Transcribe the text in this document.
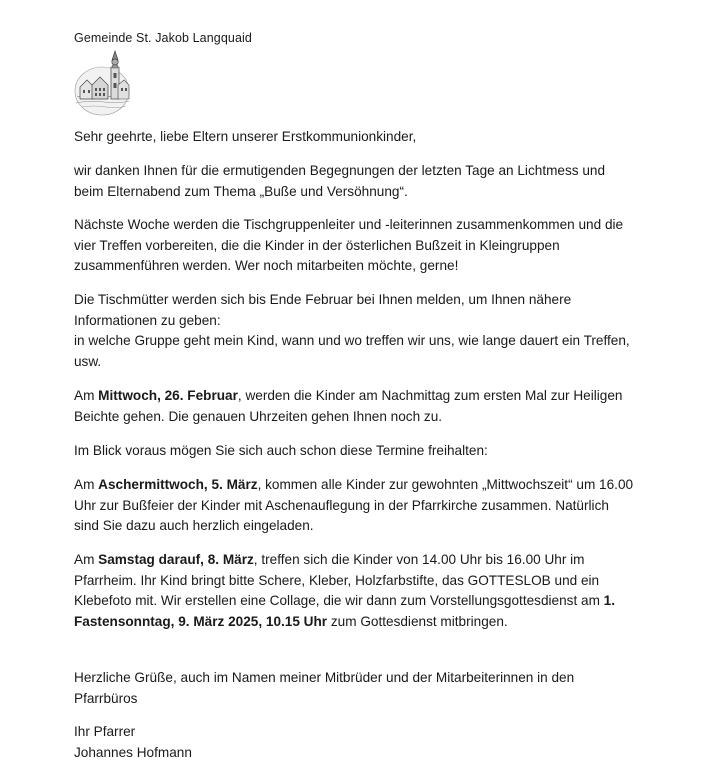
Gemeinde St. Jakob Langquaid
Sehr geehrte, liebe Eltern unserer Erstkommunionkinder,
wir danken Ihnen für die ermutigenden Begegnungen der letzten Tage an Lichtmess und
beim Elternabend zum Thema „Buße und Versöhnung“.
Nächste Woche werden die Tischgruppenleiter und -leiterinnen zusammenkommen und die
vier Treffen vorbereiten, die die Kinder in der österlichen Bußzeit in Kleingruppen
zusammenführen werden. Wer noch mitarbeiten möchte, gerne!
Die Tischmütter werden sich bis Ende Februar bei Ihnen melden, um Ihnen nähere
Informationen zu geben:
in welche Gruppe geht mein Kind, wann und wo treffen wir uns, wie lange dauert ein Treffen,
usw.
Am Mittwoch, 26. Februar, werden die Kinder am Nachmittag zum ersten Mal zur Heiligen
Beichte gehen. Die genauen Uhrzeiten gehen Ihnen noch zu.
Im Blick voraus mögen Sie sich auch schon diese Termine freihalten:
Am Aschermittwoch, 5. März, kommen alle Kinder zur gewohnten „Mittwochszeit“ um 16.00
Uhr zur Bußfeier der Kinder mit Aschenauflegung in der Pfarrkirche zusammen. Natürlich
sind Sie dazu auch herzlich eingeladen.
Am Samstag darauf, 8. März, treffen sich die Kinder von 14.00 Uhr bis 16.00 Uhr im
Pfarrheim. Ihr Kind bringt bitte Schere, Kleber, Holzfarbstifte, das GOTTESLOB und ein
Klebefoto mit. Wir erstellen eine Collage, die wir dann zum Vorstellungsgottesdienst am 1.
Fastensonntag, 9. März 2025, 10.15 Uhr zum Gottesdienst mitbringen.
Herzliche Grüße, auch im Namen meiner Mitbrüder und der Mitarbeiterinnen in den
Pfarrbüros
Ihr Pfarrer
Johannes Hofmann
